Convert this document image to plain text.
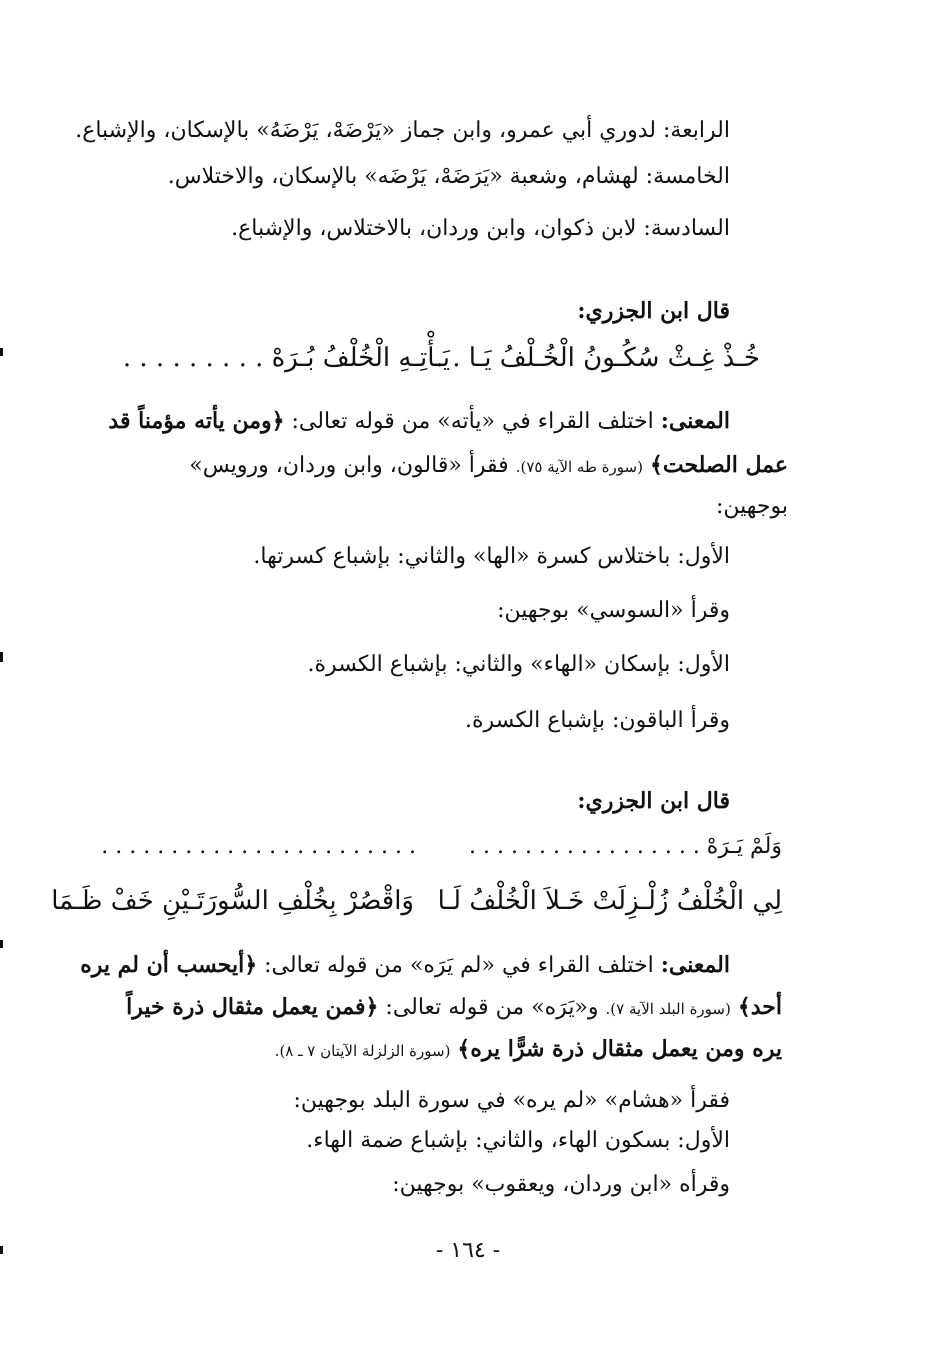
الرابعة: لدوري أبي عمرو، وابن جماز «يَرْضَهْ، يَرْضَهُ» بالإسكان، والإشباع.
الخامسة: لهشام، وشعبة «يَرَضَهْ، يَرْضَه» بالإسكان، والاختلاس.
السادسة: لابن ذكوان، وابن وردان، بالاختلاس، والإشباع.
قال ابن الجزري:
خُـذْ غِـثْ سُكُـونُ الْخُـلْفُ يَـا . .
يَـأْتِـهِ الْخُلْفُ بُـرَهْ . . . . . . . . .
المعنى: اختلف القراء في «يأته» من قوله تعالى: ﴿ومن يأته مؤمناً قد
عمل الصلحت﴾ (سورة طه الآية ٧٥). فقرأ «قالون، وابن وردان، ورويس»
بوجهين:
الأول: باختلاس كسرة «الها» والثاني: بإشباع كسرتها.
وقرأ «السوسي» بوجهين:
الأول: بإسكان «الهاء» والثاني: بإشباع الكسرة.
وقرأ الباقون: بإشباع الكسرة.
قال ابن الجزري:
وَلَمْ يَـرَهْ . . . . . . . . . . . . . . . . .
. . . . . . . . . . . . . . . . . . . . . . .
لِي الْخُلْفُ زُلْـزِلَتْ خَـلاَ الْخُلْفُ لَـا
وَاقْصُرْ بِخُلْفِ السُّورَتَـيْنِ خَفْ ظَـمَا
المعنى: اختلف القراء في «لم يَرَه» من قوله تعالى: ﴿أيحسب أن لم يره
أحد﴾ (سورة البلد الآية ٧). و«يَرَه» من قوله تعالى: ﴿فمن يعمل مثقال ذرة خيراً
يره ومن يعمل مثقال ذرة شرًّا يره﴾ (سورة الزلزلة الآيتان ٧ ـ ٨).
فقرأ «هشام» «لم يره» في سورة البلد بوجهين:
الأول: بسكون الهاء، والثاني: بإشباع ضمة الهاء.
وقرأه «ابن وردان، ويعقوب» بوجهين:
- ١٦٤ -
